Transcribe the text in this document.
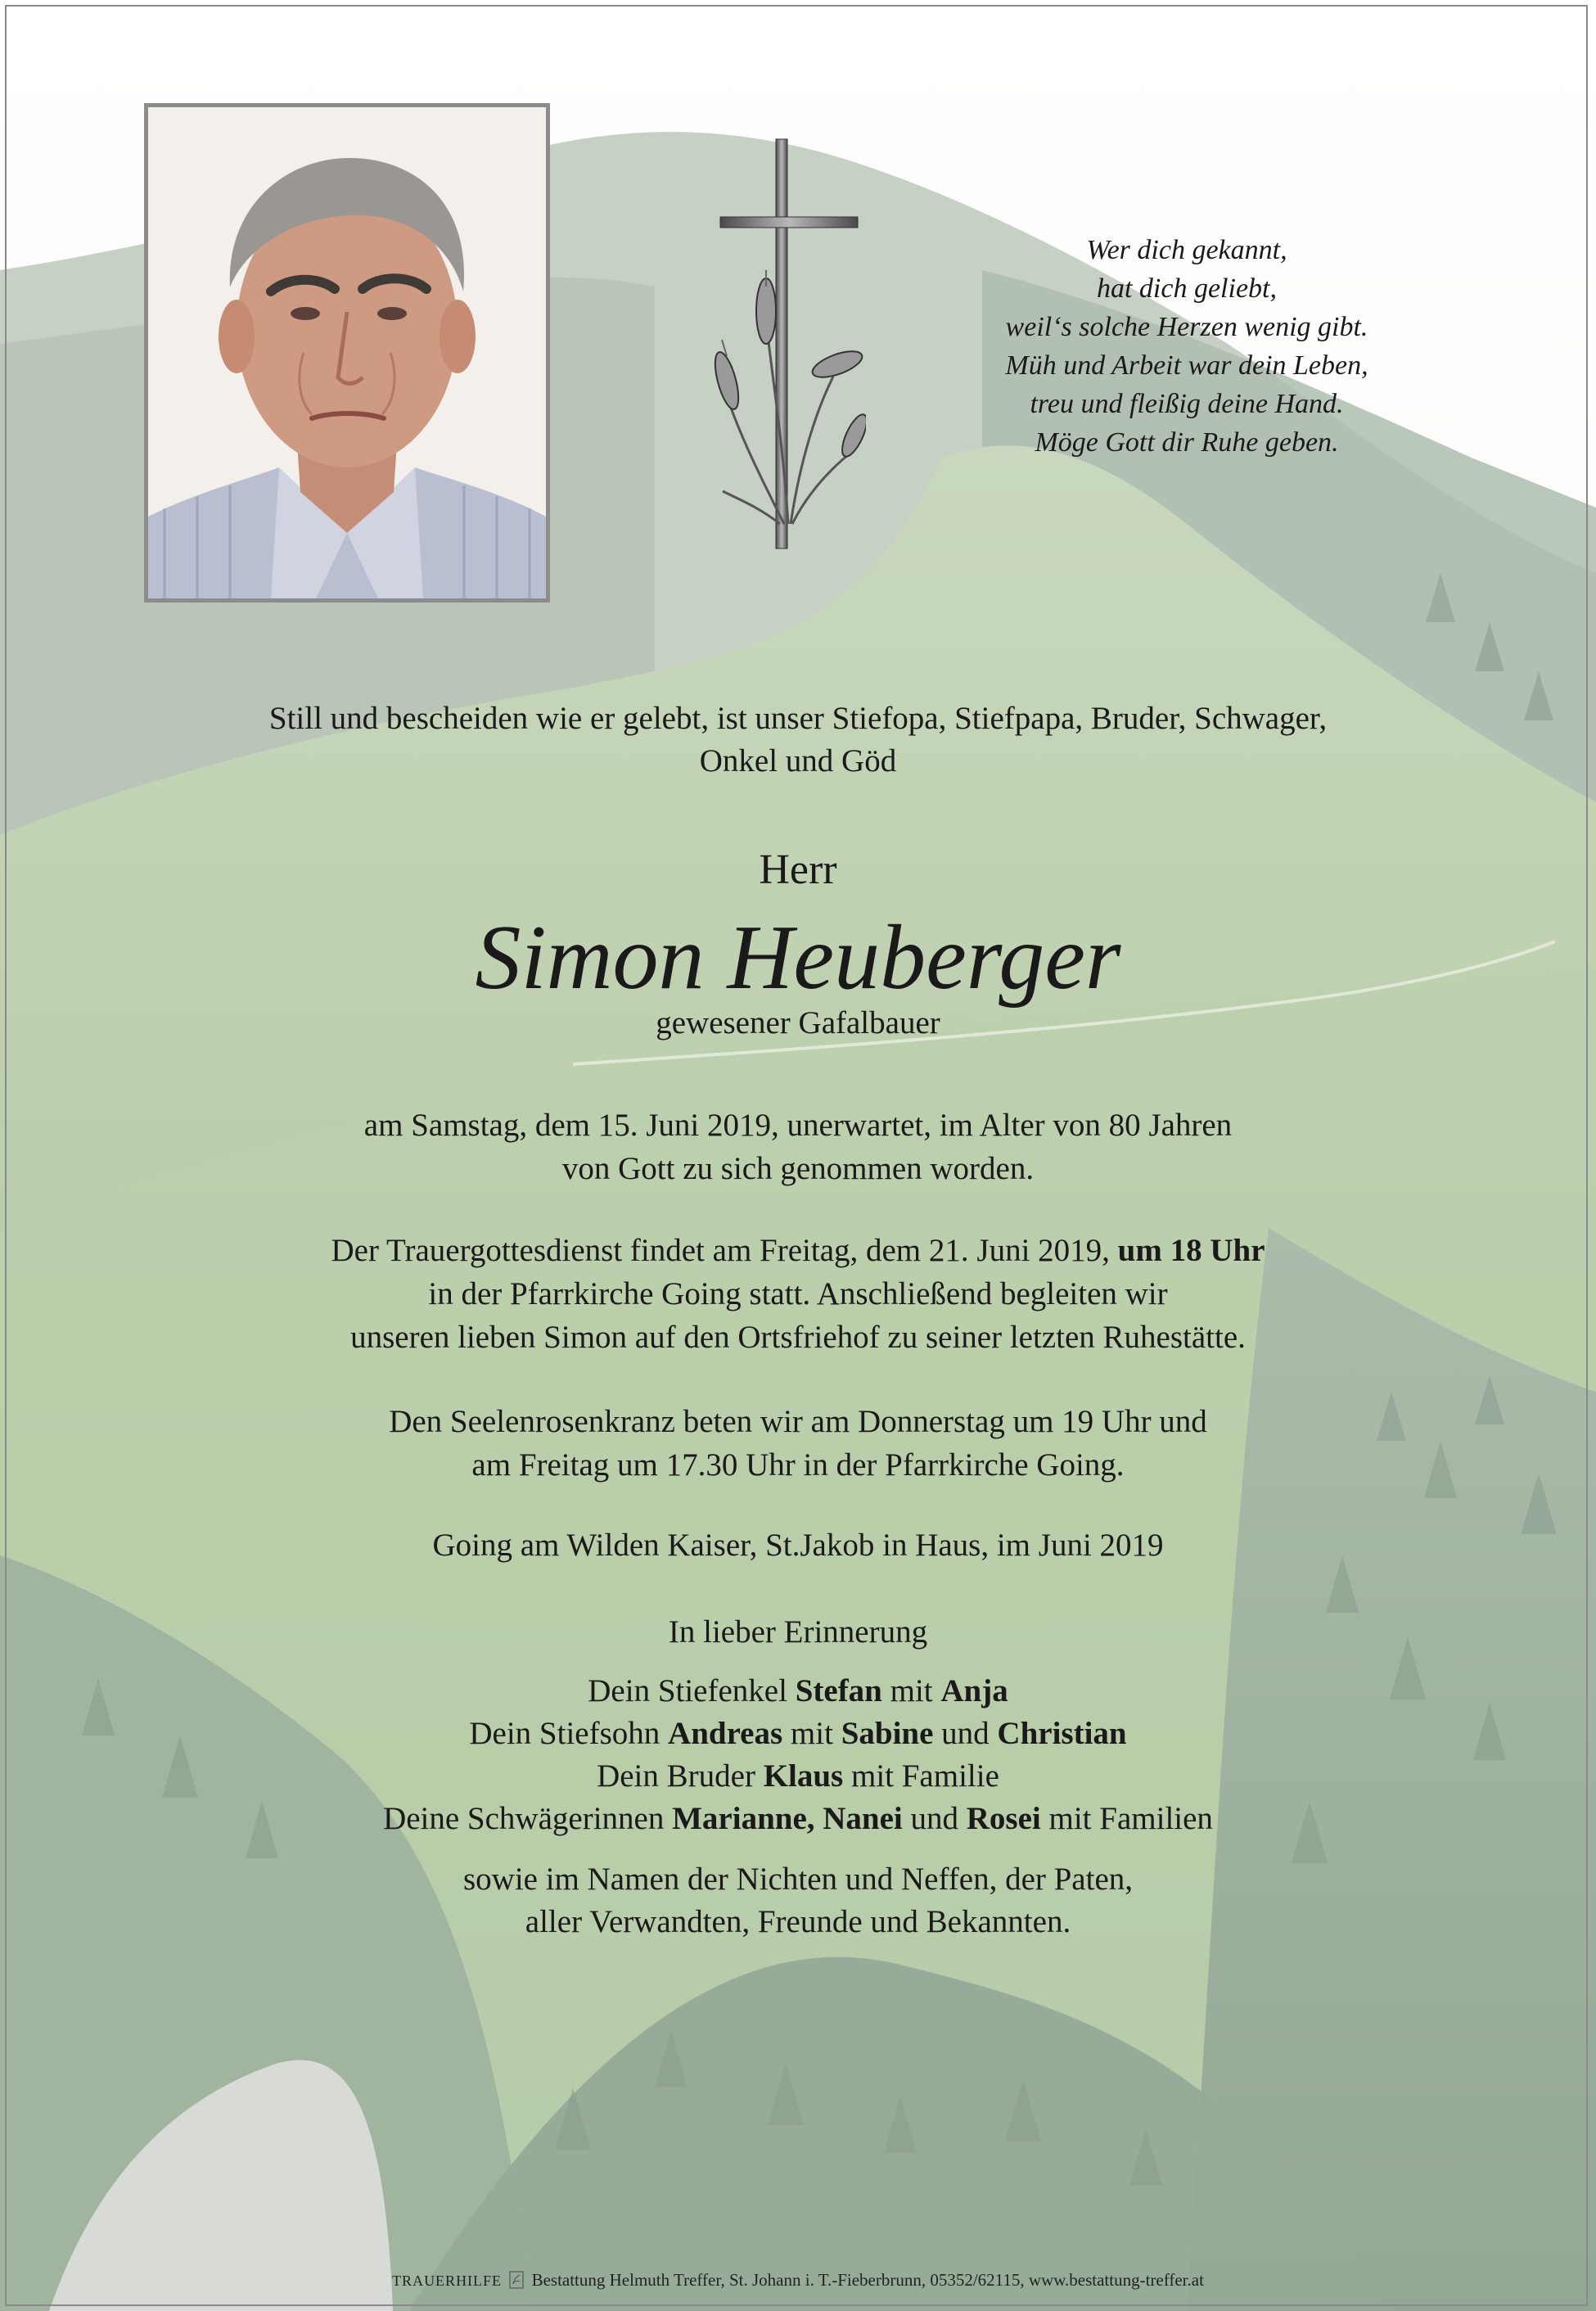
Wer dich gekannt,
hat dich geliebt,
weil‘s solche Herzen wenig gibt.
Müh und Arbeit war dein Leben,
treu und fleißig deine Hand.
Möge Gott dir Ruhe geben.
Still und bescheiden wie er gelebt, ist unser Stiefopa, Stiefpapa, Bruder, Schwager,
Onkel und Göd
Herr
Simon Heuberger
gewesener Gafalbauer
am Samstag, dem 15. Juni 2019, unerwartet, im Alter von 80 Jahren
von Gott zu sich genommen worden.
Der Trauergottesdienst findet am Freitag, dem 21. Juni 2019, um 18 Uhr
in der Pfarrkirche Going statt. Anschließend begleiten wir
unseren lieben Simon auf den Ortsfriehof zu seiner letzten Ruhestätte.
Den Seelenrosenkranz beten wir am Donnerstag um 19 Uhr und
am Freitag um 17.30 Uhr in der Pfarrkirche Going.
Going am Wilden Kaiser, St.Jakob in Haus, im Juni 2019
In lieber Erinnerung
Dein Stiefenkel Stefan mit Anja
Dein Stiefsohn Andreas mit Sabine und Christian
Dein Bruder Klaus mit Familie
Deine Schwägerinnen Marianne, Nanei und Rosei mit Familien
sowie im Namen der Nichten und Neffen, der Paten,
aller Verwandten, Freunde und Bekannten.
TRAUERHILFE Bestattung Helmuth Treffer, St. Johann i. T.-Fieberbrunn, 05352/62115, www.bestattung-treffer.at
